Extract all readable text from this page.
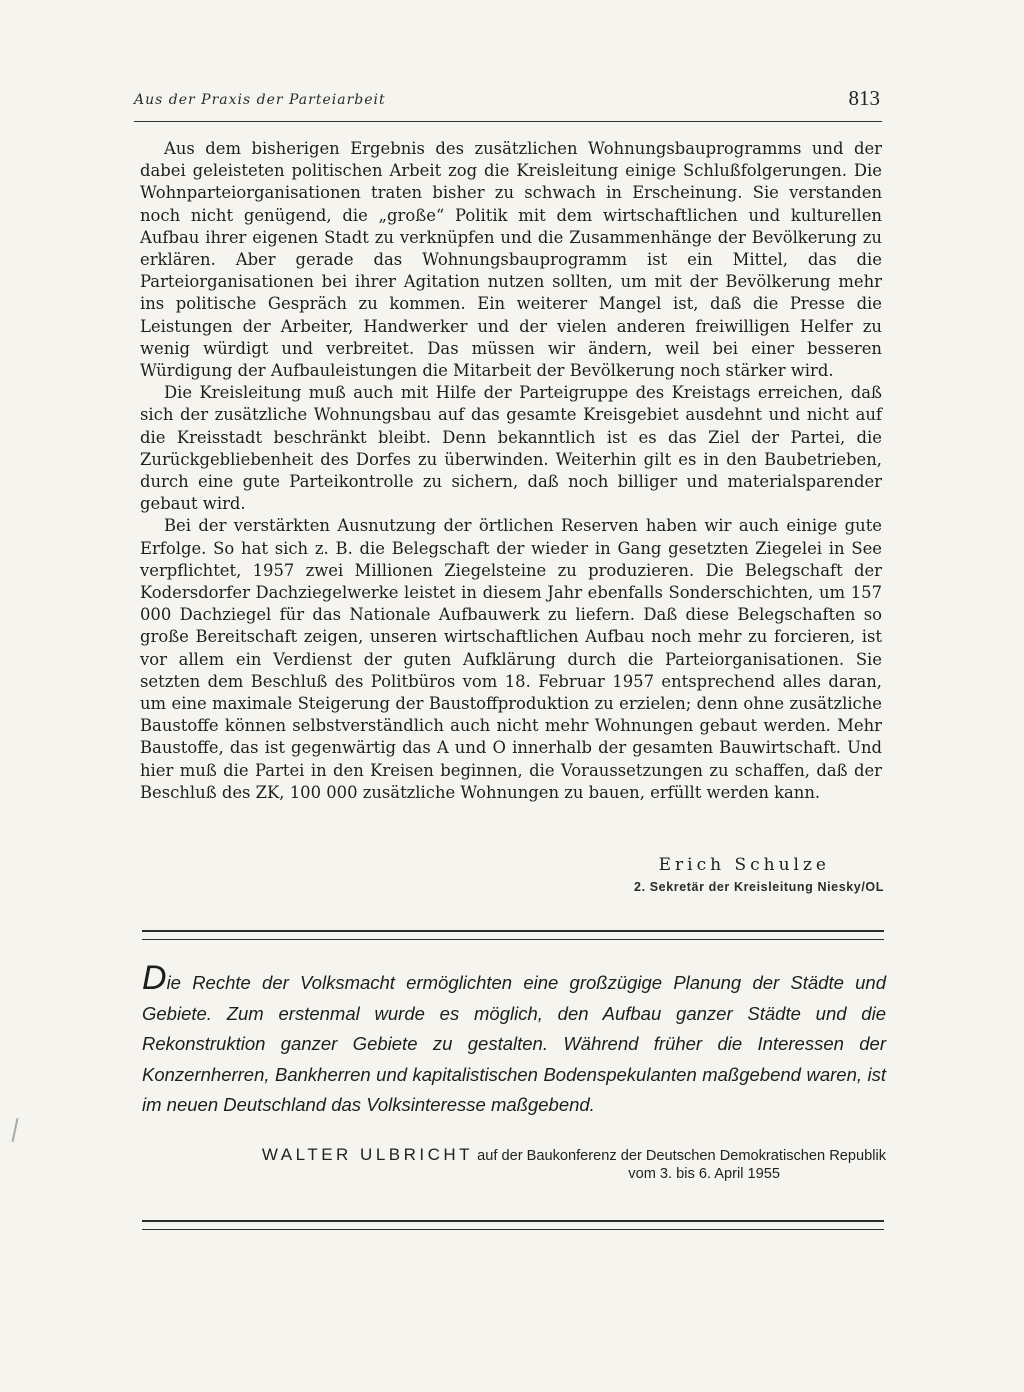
Aus der Praxis der Parteiarbeit	813

Aus dem bisherigen Ergebnis des zusätzlichen Wohnungsbauprogramms und der dabei geleisteten politischen Arbeit zog die Kreisleitung einige Schlußfolgerungen. Die Wohnparteiorganisationen traten bisher zu schwach in Erscheinung. Sie verstanden noch nicht genügend, die „große“ Politik mit dem wirtschaftlichen und kulturellen Aufbau ihrer eigenen Stadt zu verknüpfen und die Zusammenhänge der Bevölkerung zu erklären. Aber gerade das Wohnungsbauprogramm ist ein Mittel, das die Parteiorganisationen bei ihrer Agitation nutzen sollten, um mit der Bevölkerung mehr ins politische Gespräch zu kommen. Ein weiterer Mangel ist, daß die Presse die Leistungen der Arbeiter, Handwerker und der vielen anderen freiwilligen Helfer zu wenig würdigt und verbreitet. Das müssen wir ändern, weil bei einer besseren Würdigung der Aufbauleistungen die Mitarbeit der Bevölkerung noch stärker wird.

Die Kreisleitung muß auch mit Hilfe der Parteigruppe des Kreistags erreichen, daß sich der zusätzliche Wohnungsbau auf das gesamte Kreisgebiet ausdehnt und nicht auf die Kreisstadt beschränkt bleibt. Denn bekanntlich ist es das Ziel der Partei, die Zurückgebliebenheit des Dorfes zu überwinden. Weiterhin gilt es in den Baubetrieben, durch eine gute Parteikontrolle zu sichern, daß noch billiger und materialsparender gebaut wird.

Bei der verstärkten Ausnutzung der örtlichen Reserven haben wir auch einige gute Erfolge. So hat sich z. B. die Belegschaft der wieder in Gang gesetzten Ziegelei in See verpflichtet, 1957 zwei Millionen Ziegelsteine zu produzieren. Die Belegschaft der Kodersdorfer Dachziegelwerke leistet in diesem Jahr ebenfalls Sonderschichten, um 157 000 Dachziegel für das Nationale Aufbauwerk zu liefern. Daß diese Belegschaften so große Bereitschaft zeigen, unseren wirtschaftlichen Aufbau noch mehr zu forcieren, ist vor allem ein Verdienst der guten Aufklärung durch die Parteiorganisationen. Sie setzten dem Beschluß des Politbüros vom 18. Februar 1957 entsprechend alles daran, um eine maximale Steigerung der Baustoffproduktion zu erzielen; denn ohne zusätzliche Baustoffe können selbstverständlich auch nicht mehr Wohnungen gebaut werden. Mehr Baustoffe, das ist gegenwärtig das A und O innerhalb der gesamten Bauwirtschaft. Und hier muß die Partei in den Kreisen beginnen, die Voraussetzungen zu schaffen, daß der Beschluß des ZK, 100 000 zusätzliche Wohnungen zu bauen, erfüllt werden kann.

Erich Schulze
2. Sekretär der Kreisleitung Niesky/OL
Die Rechte der Volksmacht ermöglichten eine großzügige Planung der Städte und Gebiete. Zum erstenmal wurde es möglich, den Aufbau ganzer Städte und die Rekonstruktion ganzer Gebiete zu gestalten. Während früher die Interessen der Konzernherren, Bankherren und kapitalistischen Bodenspekulanten maßgebend waren, ist im neuen Deutschland das Volksinteresse maßgebend.
WALTER ULBRICHT auf der Baukonferenz der Deutschen Demokratischen Republik
vom 3. bis 6. April 1955
